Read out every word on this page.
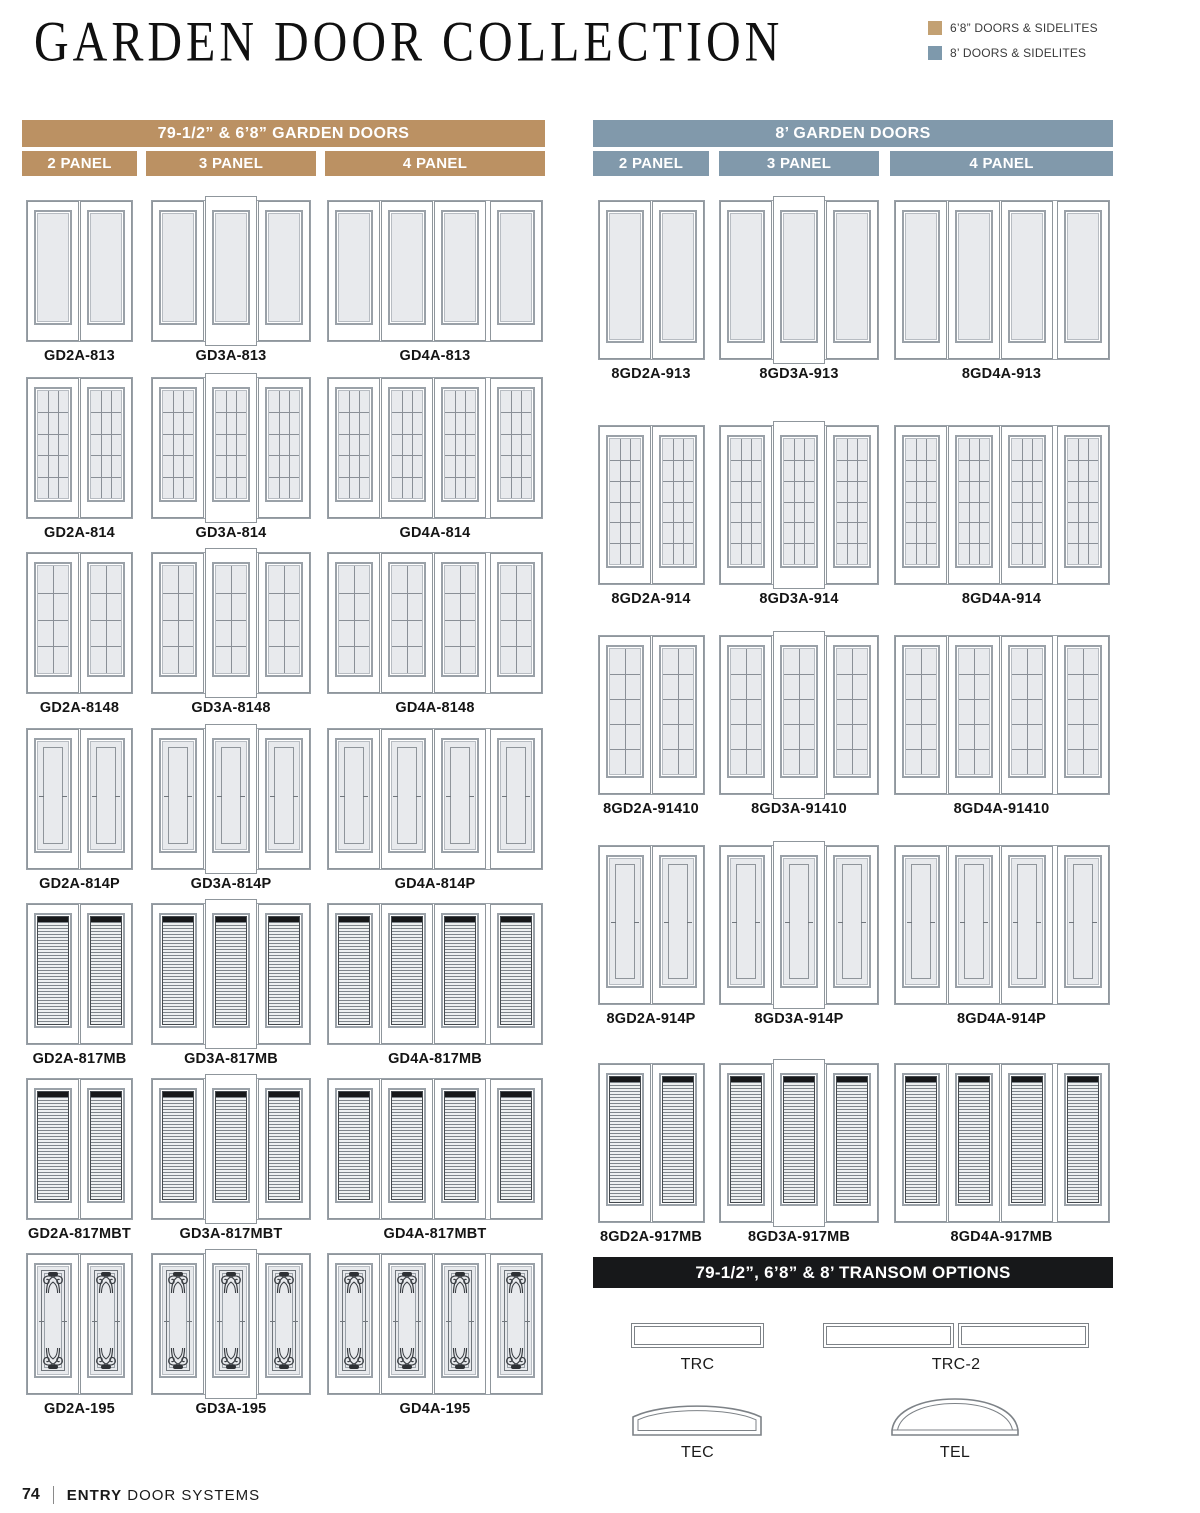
GARDEN DOOR COLLECTION	6’8” DOORS & SIDELITES
8’ DOORS & SIDELITES
79-1/2” & 6’8” GARDEN DOORS
2 PANEL	3 PANEL	4 PANEL
GD2A-813	GD3A-813	GD4A-813
GD2A-814	GD3A-814	GD4A-814
GD2A-8148	GD3A-8148	GD4A-8148
GD2A-814P	GD3A-814P	GD4A-814P
GD2A-817MB	GD3A-817MB	GD4A-817MB
GD2A-817MBT	GD3A-817MBT	GD4A-817MBT
GD2A-195	GD3A-195	GD4A-195
8’ GARDEN DOORS
2 PANEL	3 PANEL	4 PANEL
8GD2A-913	8GD3A-913	8GD4A-913
8GD2A-914	8GD3A-914	8GD4A-914
8GD2A-91410	8GD3A-91410	8GD4A-91410
8GD2A-914P	8GD3A-914P	8GD4A-914P
8GD2A-917MB	8GD3A-917MB	8GD4A-917MB
79-1/2”, 6’8” & 8’ TRANSOM OPTIONS
TRC	TRC-2
TEC	TEL
74 ENTRY DOOR SYSTEMS
